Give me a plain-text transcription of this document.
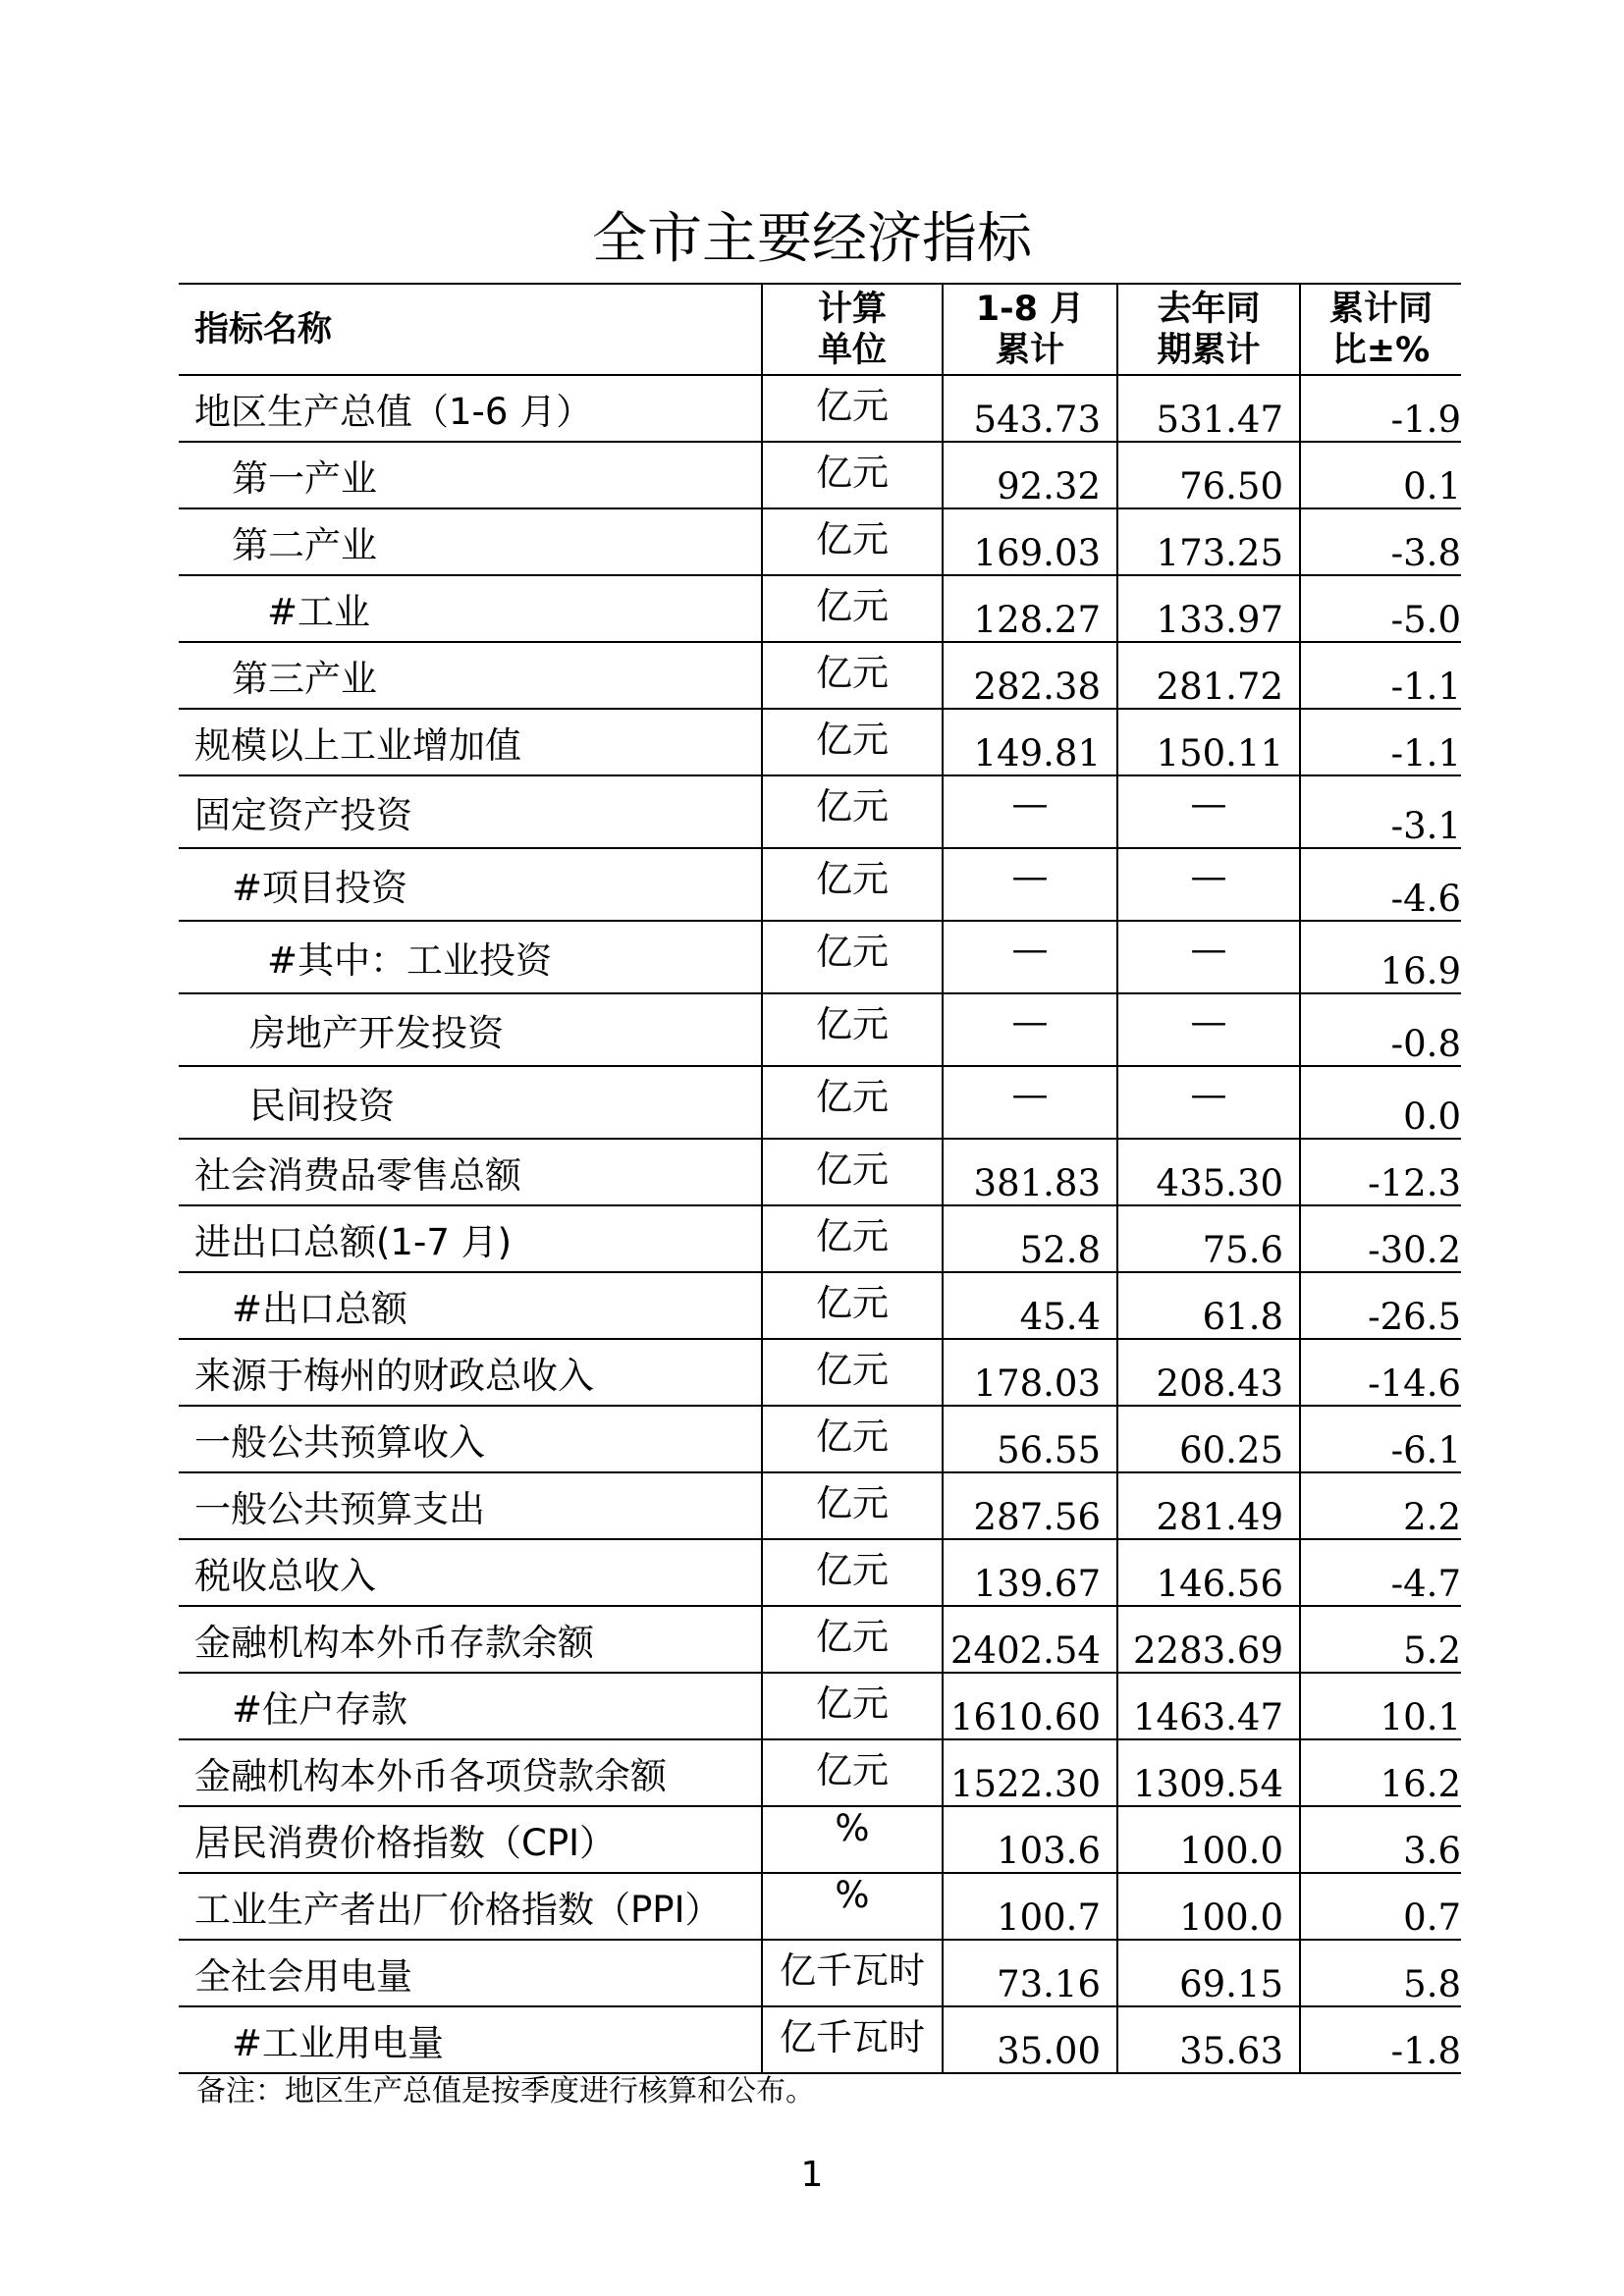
全市主要经济指标
指标名称	计算单位	1-8 月累计	去年同期累计	累计同比±%
地区生产总值（1-6 月）	亿元	543.73	531.47	-1.9
第一产业	亿元	92.32	76.50	0.1
第二产业	亿元	169.03	173.25	-3.8
#工业	亿元	128.27	133.97	-5.0
第三产业	亿元	282.38	281.72	-1.1
规模以上工业增加值	亿元	149.81	150.11	-1.1
固定资产投资	亿元	—	—	-3.1
#项目投资	亿元	—	—	-4.6
#其中：工业投资	亿元	—	—	16.9
房地产开发投资	亿元	—	—	-0.8
民间投资	亿元	—	—	0.0
社会消费品零售总额	亿元	381.83	435.30	-12.3
进出口总额(1-7 月)	亿元	52.8	75.6	-30.2
#出口总额	亿元	45.4	61.8	-26.5
来源于梅州的财政总收入	亿元	178.03	208.43	-14.6
一般公共预算收入	亿元	56.55	60.25	-6.1
一般公共预算支出	亿元	287.56	281.49	2.2
税收总收入	亿元	139.67	146.56	-4.7
金融机构本外币存款余额	亿元	2402.54	2283.69	5.2
#住户存款	亿元	1610.60	1463.47	10.1
金融机构本外币各项贷款余额	亿元	1522.30	1309.54	16.2
居民消费价格指数（CPI）	%	103.6	100.0	3.6
工业生产者出厂价格指数（PPI）	%	100.7	100.0	0.7
全社会用电量	亿千瓦时	73.16	69.15	5.8
#工业用电量	亿千瓦时	35.00	35.63	-1.8
备注：地区生产总值是按季度进行核算和公布。
1
